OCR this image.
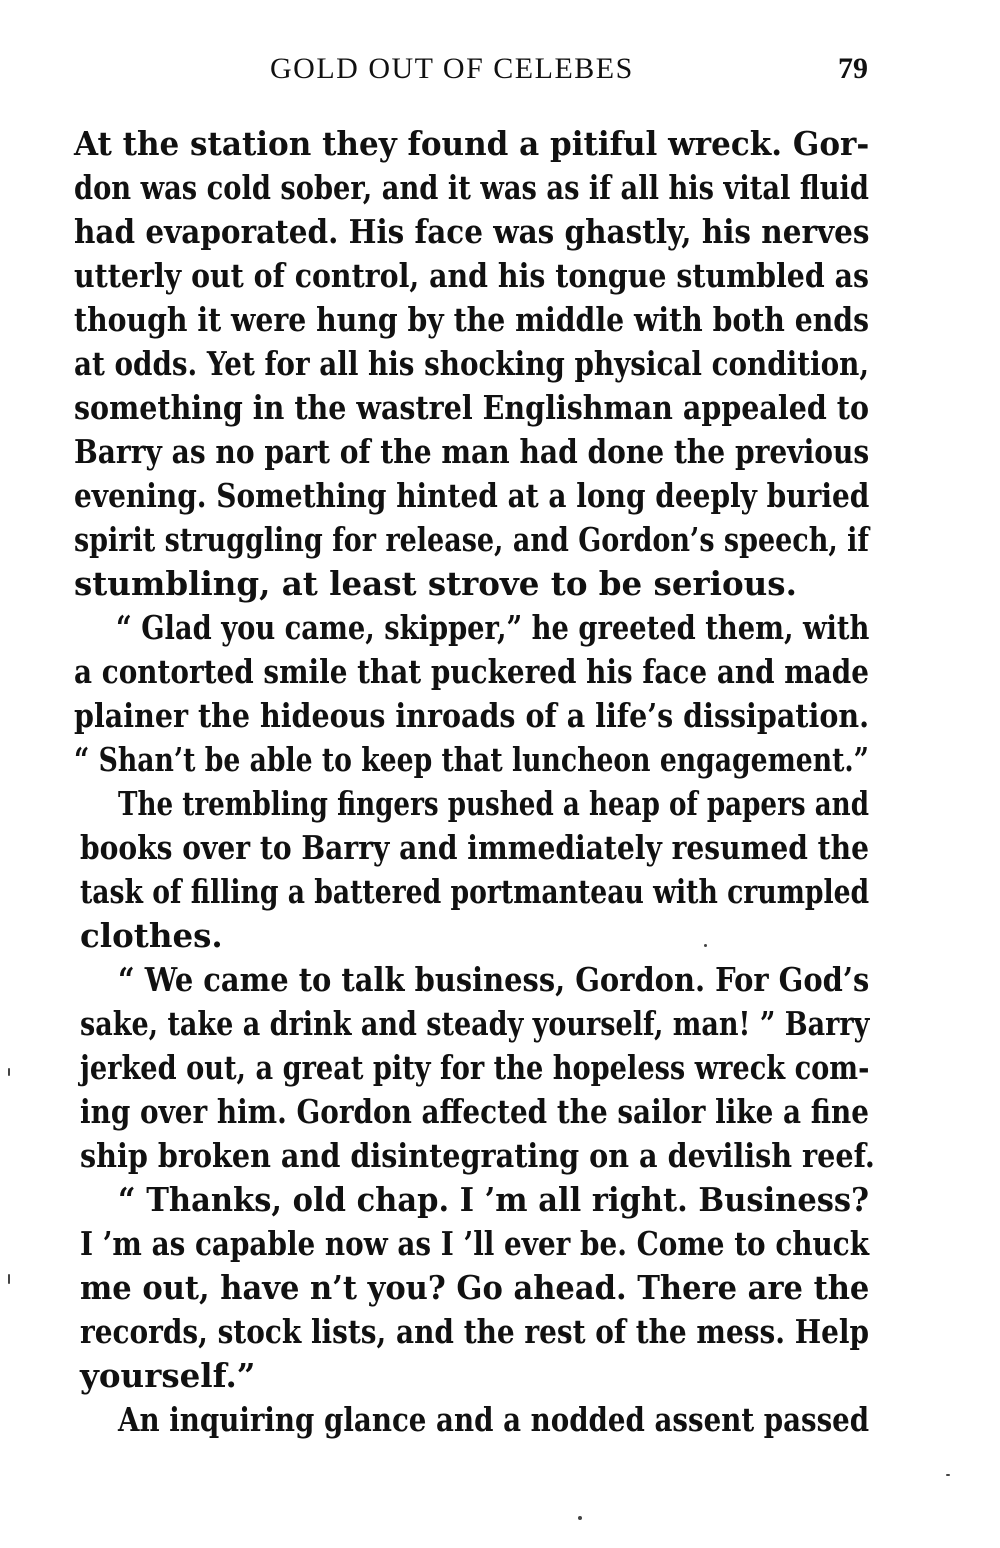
GOLD OUT OF CELEBES	79
At the station they found a pitiful wreck. Gor-
don was cold sober, and it was as if all his vital fluid
had evaporated. His face was ghastly, his nerves
utterly out of control, and his tongue stumbled as
though it were hung by the middle with both ends
at odds. Yet for all his shocking physical condition,
something in the wastrel Englishman appealed to
Barry as no part of the man had done the previous
evening. Something hinted at a long deeply buried
spirit struggling for release, and Gordon’s speech, if
stumbling, at least strove to be serious.
“ Glad you came, skipper,” he greeted them, with
a contorted smile that puckered his face and made
plainer the hideous inroads of a life’s dissipation.
“ Shan’t be able to keep that luncheon engagement.”
The trembling fingers pushed a heap of papers and
books over to Barry and immediately resumed the
task of filling a battered portmanteau with crumpled
clothes.
“ We came to talk business, Gordon. For God’s
sake, take a drink and steady yourself, man! ” Barry
jerked out, a great pity for the hopeless wreck com-
ing over him. Gordon affected the sailor like a fine
ship broken and disintegrating on a devilish reef.
“ Thanks, old chap. I ’m all right. Business?
I ’m as capable now as I ’ll ever be. Come to chuck
me out, have n’t you? Go ahead. There are the
records, stock lists, and the rest of the mess. Help
yourself.”
An inquiring glance and a nodded assent passed
